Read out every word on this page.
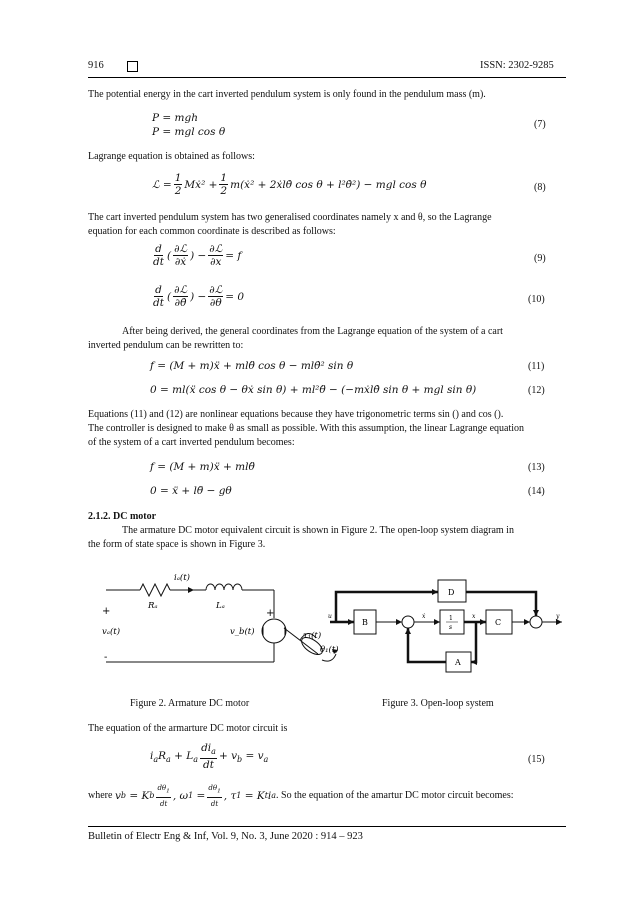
916	ISSN: 2302-9285
The potential energy in the cart inverted pendulum system is only found in the pendulum mass (m).
P = mgh
P = mgl cos θ
(7)
Lagrange equation is obtained as follows:
ℒ = $\frac{1}{2}$ Mẋ² + $\frac{1}{2}$ m(ẋ² + 2ẋlθ̇ cos θ + l²θ̇²) − mgl cos θ	(8)
The cart inverted pendulum system has two generalised coordinates namely x and θ, so the Lagrange
equation for each common coordinate is described as follows:
$\frac{d}{dt}$ ( $\frac{\text{∂ℒ}}{\text{∂ẋ}}$ ) − $\frac{\text{∂ℒ}}{\partial x} = f$	(9)
$\frac{d}{dt}$ ( $\frac{\text{∂ℒ}}{\partial\thetȧ}$ ) − $\frac{\text{∂ℒ}}{\partial\theta} = 0$	(10)
After being derived, the general coordinates from the Lagrange equation of the system of a cart
inverted pendulum can be rewritten to:
f = (M + m)ẍ + mlθ̈ cos θ − mlθ̇² sin θ	(11)
0 = ml(ẍ cos θ − θẋ sin θ) + ml²θ̈ − (−mẋlθ̇ sin θ + mgl sin θ)	(12)
Equations (11) and (12) are nonlinear equations because they have trigonometric terms sin () and cos ().
The controller is designed to make θ as small as possible. With this assumption, the linear Lagrange equation
of the system of a cart inverted pendulum becomes:
f = (M + m)ẍ + mlθ̈	(13)
0 = ẍ + lθ̈ − gθ	(14)
2.1.2. DC motor
The armature DC motor equivalent circuit is shown in Figure 2. The open-loop system diagram in
the form of state space is shown in Figure 3.
iₐ(t)
Rₐ	Lₐ
+
vₐ(t)
-
+
v_b(t)	τ₁(t)
θ₁(t)
D
B	1
s
C
A
u	y
ẋ	x
Figure 2. Armature DC motor	Figure 3. Open-loop system
The equation of the armarture DC motor circuit is
$i_aR_a + L_a \frac{di_a}{dt} + v_b = v_a$	(15)
where v b = K b $\frac{d\theta_1}{dt}$ , ω $1 = \frac{d\theta_1}{dt}$ , τ 1 = K t i a . So the equation of the amartur DC motor circuit becomes:
Bulletin of Electr Eng & Inf, Vol. 9, No. 3, June 2020 : 914 – 923
